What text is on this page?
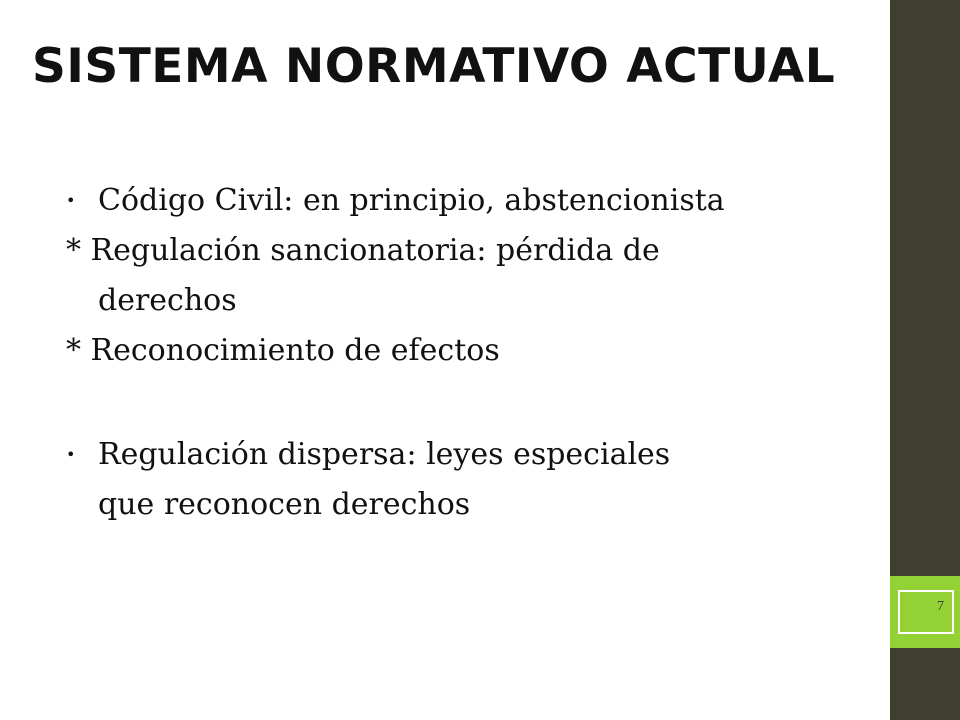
SISTEMA NORMATIVO ACTUAL
• Código Civil: en principio, abstencionista
* Regulación sancionatoria: pérdida de
derechos
* Reconocimiento de efectos
• Regulación dispersa: leyes especiales
que reconocen derechos
7
